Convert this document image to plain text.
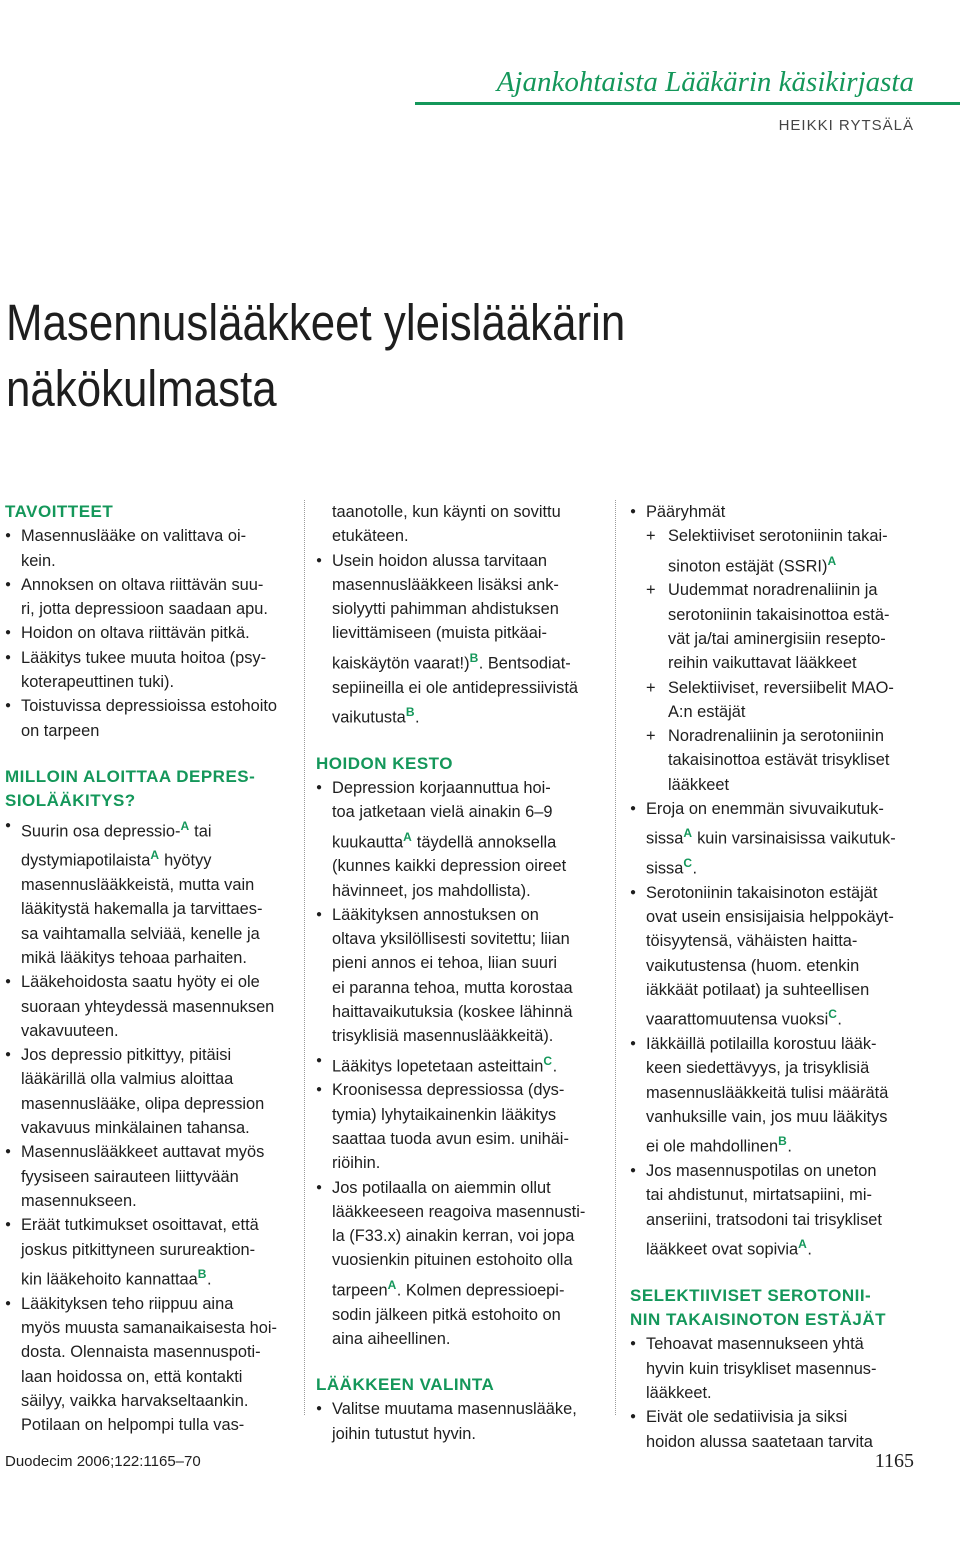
Ajankohtaista Lääkärin käsikirjasta
HEIKKI RYTSÄLÄ
Masennuslääkkeet yleislääkärin
näkökulmasta
TAVOITTEET
● Masennuslääke on valittava oi-
kein.
● Annoksen on oltava riittävän suu-
ri, jotta depressioon saadaan apu.
● Hoidon on oltava riittävän pitkä.
● Lääkitys tukee muuta hoitoa (psy-
koterapeuttinen tuki).
● Toistuvissa depressioissa estohoito
on tarpeen
MILLOIN ALOITTAA DEPRES-
SIOLÄÄKITYS?
● Suurin osa depressio-$^A$ tai
dystymiapotilaista$^A$ hyötyy
masennuslääkkeistä, mutta vain
lääkitystä hakemalla ja tarvittaes-
sa vaihtamalla selviää, kenelle ja
mikä lääkitys tehoaa parhaiten.
● Lääkehoidosta saatu hyöty ei ole
suoraan yhteydessä masennuksen
vakavuuteen.
● Jos depressio pitkittyy, pitäisi
lääkärillä olla valmius aloittaa
masennuslääke, olipa depression
vakavuus minkälainen tahansa.
● Masennuslääkkeet auttavat myös
fyysiseen sairauteen liittyvään
masennukseen.
● Eräät tutkimukset osoittavat, että
joskus pitkittyneen surureaktion-
kin lääkehoito kannattaa$^B$.
● Lääkityksen teho riippuu aina
myös muusta samanaikaisesta hoi-
dosta. Olennaista masennuspoti-
laan hoidossa on, että kontakti
säilyy, vaikka harvakseltaankin.
Potilaan on helpompi tulla vas-
taanotolle, kun käynti on sovittu
etukäteen.
● Usein hoidon alussa tarvitaan
masennuslääkkeen lisäksi ank-
siolyytti pahimman ahdistuksen
lievittämiseen (muista pitkäai-
kaiskäytön vaarat!)$^B$. Bentsodiat-
sepiineilla ei ole antidepressiivistä
vaikutusta$^B$.
HOIDON KESTO
● Depression korjaannuttua hoi-
toa jatketaan vielä ainakin 6–9
kuukautta$^A$ täydellä annoksella
(kunnes kaikki depression oireet
hävinneet, jos mahdollista).
● Lääkityksen annostuksen on
oltava yksilöllisesti sovitettu; liian
pieni annos ei tehoa, liian suuri
ei paranna tehoa, mutta korostaa
haittavaikutuksia (koskee lähinnä
trisyklisiä masennuslääkkeitä).
● Lääkitys lopetetaan asteittain$^C$.
● Kroonisessa depressiossa (dys-
tymia) lyhytaikainenkin lääkitys
saattaa tuoda avun esim. unihäi-
riöihin.
● Jos potilaalla on aiemmin ollut
lääkkeeseen reagoiva masennusti-
la (F33.x) ainakin kerran, voi jopa
vuosienkin pituinen estohoito olla
tarpeen$^A$. Kolmen depressioepi-
sodin jälkeen pitkä estohoito on
aina aiheellinen.
LÄÄKKEEN VALINTA
● Valitse muutama masennuslääke,
joihin tutustut hyvin.
● Pääryhmät
+ Selektiiviset serotoniinin takai-
sinoton estäjät (SSRI)$^A$
+ Uudemmat noradrenaliinin ja
serotoniinin takaisinottoa estä-
vät ja/tai aminergisiin resepto-
reihin vaikuttavat lääkkeet
+ Selektiiviset, reversiibelit MAO-
A:n estäjät
+ Noradrenaliinin ja serotoniinin
takaisinottoa estävät trisykliset
lääkkeet
● Eroja on enemmän sivuvaikutuk-
sissa$^A$ kuin varsinaisissa vaikutuk-
sissa$^C$.
● Serotoniinin takaisinoton estäjät
ovat usein ensisijaisia helppokäyt-
töisyytensä, vähäisten haitta-
vaikutustensa (huom. etenkin
iäkkäät potilaat) ja suhteellisen
vaarattomuutensa vuoksi$^C$.
● Iäkkäillä potilailla korostuu lääk-
keen siedettävyys, ja trisyklisiä
masennuslääkkeitä tulisi määrätä
vanhuksille vain, jos muu lääkitys
ei ole mahdollinen$^B$.
● Jos masennuspotilas on uneton
tai ahdistunut, mirtatsapiini, mi-
anseriini, tratsodoni tai trisykliset
lääkkeet ovat sopivia$^A$.
SELEKTIIVISET SEROTONII-
NIN TAKAISINOTON ESTÄJÄT
● Tehoavat masennukseen yhtä
hyvin kuin trisykliset masennus-
lääkkeet.
● Eivät ole sedatiivisia ja siksi
hoidon alussa saatetaan tarvita
Duodecim 2006;122:1165–70	1165
